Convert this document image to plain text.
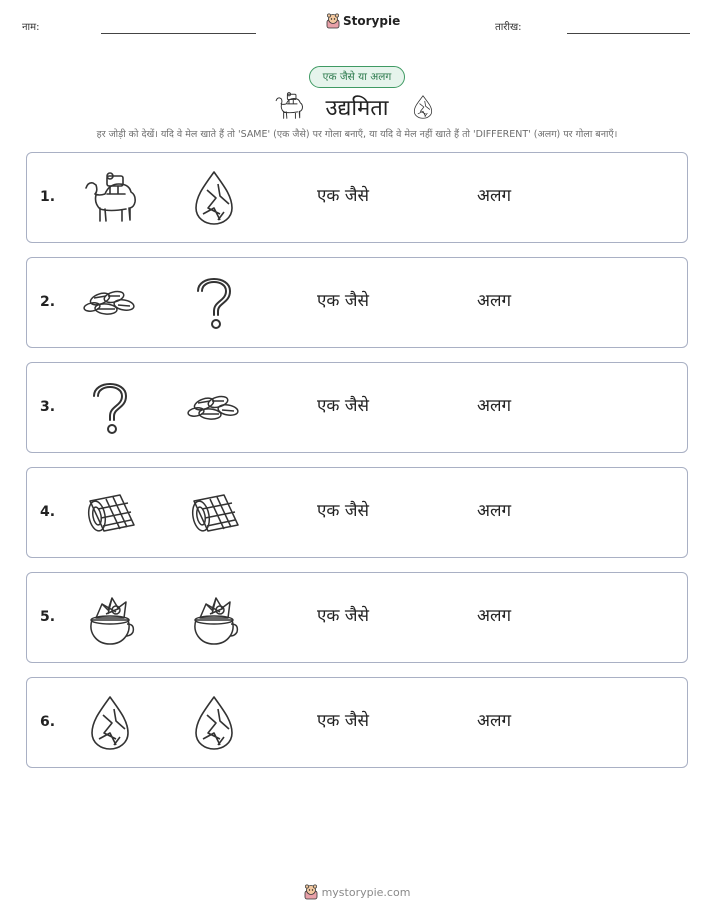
नाम:	Storypie	तारीख:
एक जैसे या अलग
उद्यमिता
हर जोड़ी को देखें। यदि वे मेल खाते हैं तो 'SAME' (एक जैसे) पर गोला बनाएँ, या यदि वे मेल नहीं खाते हैं तो 'DIFFERENT' (अलग) पर गोला बनाएँ।
1.	एक जैसे	अलग
2.	एक जैसे	अलग
3.	एक जैसे	अलग
4.	एक जैसे	अलग
5.	एक जैसे	अलग
6.	एक जैसे	अलग
mystorypie.com
